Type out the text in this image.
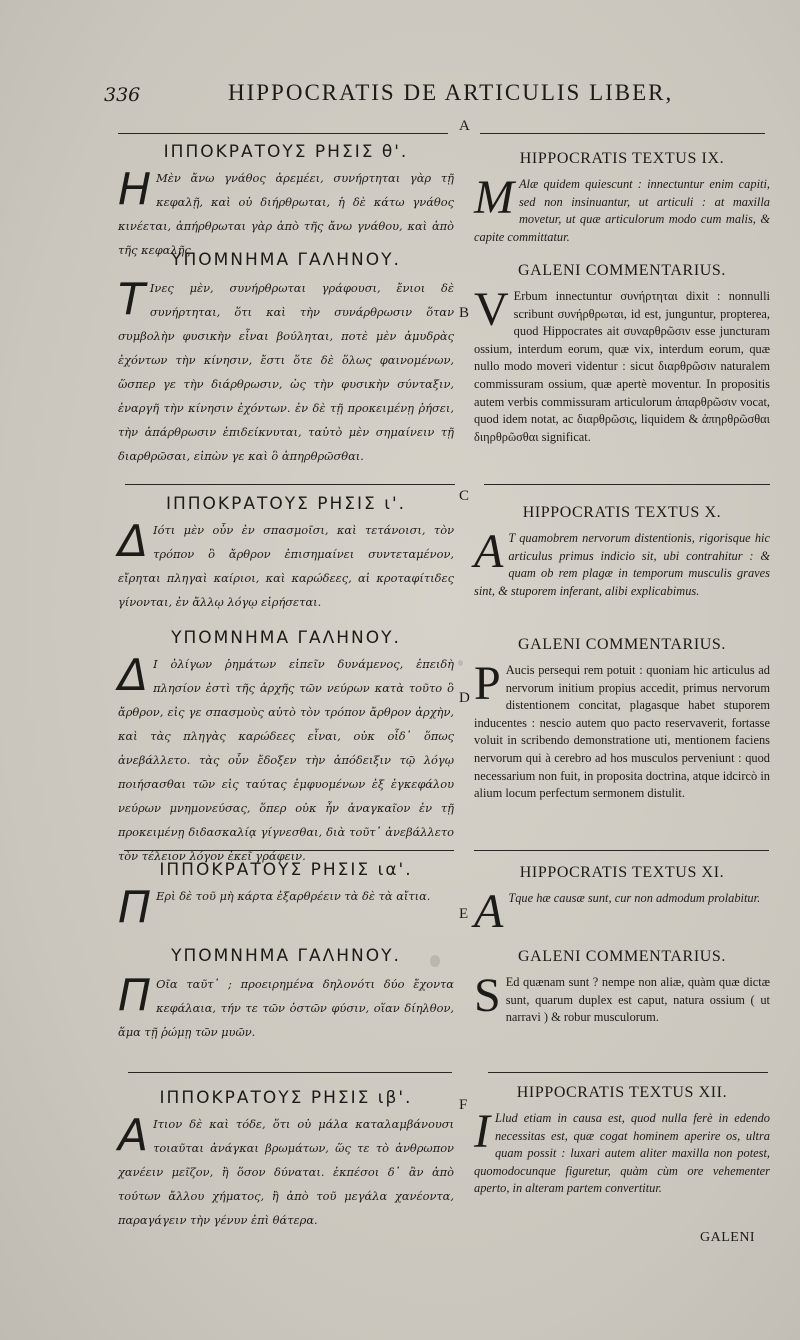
336	HIPPOCRATIS DE ARTICULIS LIBER,
A
B
C
D
E
F
ΙΠΠΟΚΡΑΤΟΥΣ ΡΗΣΙΣ θ'.
Η Μὲν ἄνω γνάθος ἀρεμέει, συνήρτηται γὰρ τῇ κεφαλῇ, καὶ οὐ διήρθρωται, ἡ δὲ κάτω γνάθος κινέεται, ἀπήρθρωται γὰρ ἀπὸ τῆς ἄνω γνάθου, καὶ ἀπὸ τῆς κεφαλῆς.
ΥΠΟΜΝΗΜΑ ΓΑΛΗΝΟΥ.
Τ Ινες μὲν, συνήρθρωται γράφουσι, ἔνιοι δὲ συνήρτηται, ὅτι καὶ τὴν συνάρθρωσιν ὅταν συμβολὴν φυσικὴν εἶναι βούληται, ποτὲ μὲν ἀμυδρὰς ἐχόντων τὴν κίνησιν, ἔστι ὅτε δὲ ὅλως φαινομένων, ὥσπερ γε τὴν διάρθρωσιν, ὡς τὴν φυσικὴν σύνταξιν, ἐναργῆ τὴν κίνησιν ἐχόντων. ἐν δὲ τῇ προκειμένῃ ῥήσει, τὴν ἀπάρθρωσιν ἐπιδείκνυται, ταὐτὸ μὲν σημαίνειν τῇ διαρθρῶσαι, εἰπὼν γε καὶ ὃ ἀπηρθρῶσθαι.
ΙΠΠΟΚΡΑΤΟΥΣ ΡΗΣΙΣ ι'.
Δ Ιότι μὲν οὖν ἐν σπασμοῖσι, καὶ τετάνοισι, τὸν τρόπον ὃ ἄρθρον ἐπισημαίνει συντεταμένον, εἴρηται πληγαὶ καίριοι, καὶ καρώδεες, αἱ κροταφίτιδες γίνονται, ἐν ἄλλῳ λόγῳ εἰρήσεται.
ΥΠΟΜΝΗΜΑ ΓΑΛΗΝΟΥ.
Δ Ι ὀλίγων ῥημάτων εἰπεῖν δυνάμενος, ἐπειδὴ πλησίον ἐστὶ τῆς ἀρχῆς τῶν νεύρων κατὰ τοῦτο ὃ ἄρθρον, εἰς γε σπασμοὺς αὐτὸ τὸν τρόπον ἄρθρον ἀρχὴν, καὶ τὰς πληγὰς καρώδεες εἶναι, οὐκ οἶδ᾽ ὅπως ἀνεβάλλετο. τὰς οὖν ἔδοξεν τὴν ἀπόδειξιν τῷ λόγῳ ποιήσασθαι τῶν εἰς ταύτας ἐμφυομένων ἐξ ἐγκεφάλου νεύρων μνημονεύσας, ὅπερ οὐκ ἦν ἀναγκαῖον ἐν τῇ προκειμένῃ διδασκαλίᾳ γίγνεσθαι, διὰ τοῦτ᾽ ἀνεβάλλετο τὸν τέλειον λόγον ἐκεῖ γράφειν.
ΙΠΠΟΚΡΑΤΟΥΣ ΡΗΣΙΣ ια'.
Π Ερὶ δὲ τοῦ μὴ κάρτα ἐξαρθρέειν τὰ δὲ τὰ αἴτια.
ΥΠΟΜΝΗΜΑ ΓΑΛΗΝΟΥ.
Π Οῖα ταῦτ᾽ ; προειρημένα δηλονότι δύο ἔχοντα κεφάλαια, τήν τε τῶν ὀστῶν φύσιν, οἵαν δίηλθον, ἅμα τῇ ῥώμῃ τῶν μυῶν.
ΙΠΠΟΚΡΑΤΟΥΣ ΡΗΣΙΣ ιβ'.
Α Ιτιον δὲ καὶ τόδε, ὅτι οὐ μάλα καταλαμβάνουσι τοιαῦται ἀνάγκαι βρωμάτων, ὥς τε τὸ ἀνθρωπον χανέειν μεῖζον, ἢ ὅσον δύναται. ἐκπέσοι δ᾽ ἂν ἀπὸ τούτων ἄλλου χήματος, ἢ ἀπὸ τοῦ μεγάλα χανέοντα, παραγάγειν τὴν γένυν ἐπὶ θάτερα.
HIPPOCRATIS TEXTUS IX.
M Alæ quidem quiescunt : innectuntur enim capiti, sed non insinuantur, ut articuli : at maxilla movetur, ut quæ articulorum modo cum malis, & capite committatur.
GALENI COMMENTARIUS.
V Erbum innectuntur συνήρτηται dixit : nonnulli scribunt συνήρθρωται, id est, junguntur, propterea, quod Hippocrates ait συναρθρῶσιν esse juncturam ossium, interdum eorum, quæ vix, interdum eorum, quæ nullo modo moveri videntur : sicut διαρθρῶσιν naturalem commissuram ossium, quæ apertè moventur. In propositis autem verbis commissuram articulorum ἀπαρθρῶσιν vocat, quod idem notat, ac διαρθρῶσις, liquidem & ἀπηρθρῶσθαι διηρθρῶσθαι significat.
HIPPOCRATIS TEXTUS X.
A T quamobrem nervorum distentionis, rigorisque hic articulus primus indicio sit, ubi contrahitur : & quam ob rem plagæ in temporum musculis graves sint, & stuporem inferant, alibi explicabimus.
GALENI COMMENTARIUS.
P Aucis persequi rem potuit : quoniam hic articulus ad nervorum initium propius accedit, primus nervorum distentionem concitat, plagasque habet stuporem inducentes : nescio autem quo pacto reservaverit, fortasse voluit in scribendo demonstratione uti, mentionem faciens nervorum qui à cerebro ad hos musculos perveniunt : quod necessarium non fuit, in proposita doctrina, atque idcircò in alium locum perfectum sermonem distulit.
HIPPOCRATIS TEXTUS XI.
A Tque hæ causæ sunt, cur non admodum prolabitur.
GALENI COMMENTARIUS.
S Ed quænam sunt ? nempe non aliæ, quàm quæ dictæ sunt, quarum duplex est caput, natura ossium ( ut narravi ) & robur musculorum.
HIPPOCRATIS TEXTUS XII.
I Llud etiam in causa est, quod nulla ferè in edendo necessitas est, quæ cogat hominem aperire os, ultra quam possit : luxari autem aliter maxilla non potest, quomodocunque figuretur, quàm cùm ore vehementer aperto, in alteram partem convertitur.
GALENI
